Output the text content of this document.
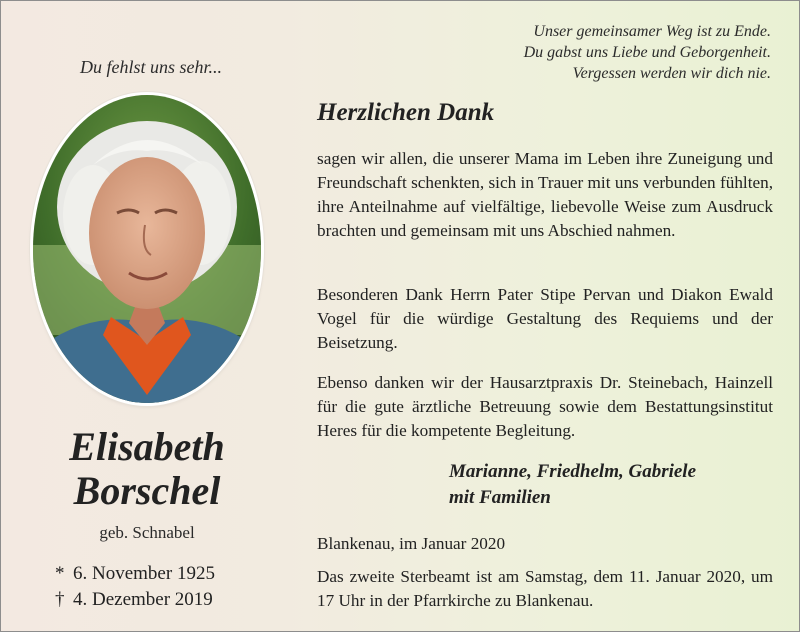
Du fehlst uns sehr...
Elisabeth
Borschel
geb. Schnabel
* 6. November 1925
† 4. Dezember 2019
Unser gemeinsamer Weg ist zu Ende.
Du gabst uns Liebe und Geborgenheit.
Vergessen werden wir dich nie.
Herzlichen Dank
sagen wir allen, die unserer Mama im Leben ihre Zuneigung und Freundschaft schenkten, sich in Trauer mit uns verbunden fühlten, ihre Anteilnahme auf vielfältige, liebevolle Weise zum Ausdruck brachten und gemeinsam mit uns Abschied nahmen.
Besonderen Dank Herrn Pater Stipe Pervan und Diakon Ewald Vogel für die würdige Gestaltung des Requiems und der Beisetzung.
Ebenso danken wir der Hausarztpraxis Dr. Steinebach, Hainzell für die gute ärztliche Betreuung sowie dem Bestattungsinstitut Heres für die kompetente Begleitung.
Marianne, Friedhelm, Gabriele
mit Familien
Blankenau, im Januar 2020
Das zweite Sterbeamt ist am Samstag, dem 11. Januar 2020, um 17 Uhr in der Pfarrkirche zu Blankenau.
